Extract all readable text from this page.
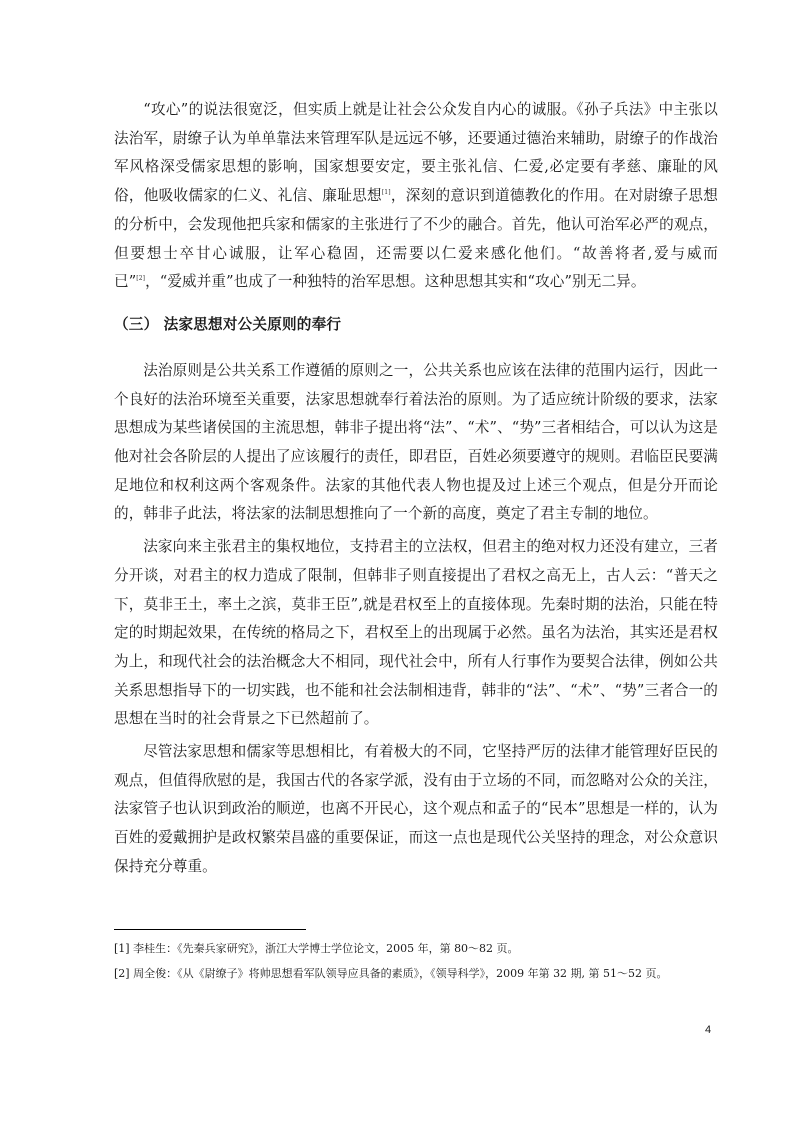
“攻心”的说法很宽泛，但实质上就是让社会公众发自内心的诚服。《孙子兵法》中主张以法治军，尉缭子认为单单靠法来管理军队是远远不够，还要通过德治来辅助，尉缭子的作战治军风格深受儒家思想的影响，国家想要安定，要主张礼信、仁爱,必定要有孝慈、廉耻的风俗，他吸收儒家的仁义、礼信、廉耻思想[1]，深刻的意识到道德教化的作用。在对尉缭子思想的分析中，会发现他把兵家和儒家的主张进行了不少的融合。首先，他认可治军必严的观点，但要想士卒甘心诚服，让军心稳固，还需要以仁爱来感化他们。“故善将者,爱与威而已”[2]，“爱威并重”也成了一种独特的治军思想。这种思想其实和“攻心”别无二异。

（三） 法家思想对公关原则的奉行

法治原则是公共关系工作遵循的原则之一，公共关系也应该在法律的范围内运行，因此一个良好的法治环境至关重要，法家思想就奉行着法治的原则。为了适应统计阶级的要求，法家思想成为某些诸侯国的主流思想，韩非子提出将“法”、“术”、“势”三者相结合，可以认为这是他对社会各阶层的人提出了应该履行的责任，即君臣，百姓必须要遵守的规则。君临臣民要满足地位和权利这两个客观条件。法家的其他代表人物也提及过上述三个观点，但是分开而论的，韩非子此法，将法家的法制思想推向了一个新的高度，奠定了君主专制的地位。

法家向来主张君主的集权地位，支持君主的立法权，但君主的绝对权力还没有建立，三者分开谈，对君主的权力造成了限制，但韩非子则直接提出了君权之高无上，古人云：“普天之下，莫非王土，率土之滨，莫非王臣”,就是君权至上的直接体现。先秦时期的法治，只能在特定的时期起效果，在传统的格局之下，君权至上的出现属于必然。虽名为法治，其实还是君权为上，和现代社会的法治概念大不相同，现代社会中，所有人行事作为要契合法律，例如公共关系思想指导下的一切实践，也不能和社会法制相违背，韩非的“法”、“术”、“势”三者合一的思想在当时的社会背景之下已然超前了。

尽管法家思想和儒家等思想相比，有着极大的不同，它坚持严厉的法律才能管理好臣民的观点，但值得欣慰的是，我国古代的各家学派，没有由于立场的不同，而忽略对公众的关注，法家管子也认识到政治的顺逆，也离不开民心，这个观点和孟子的“民本”思想是一样的，认为百姓的爱戴拥护是政权繁荣昌盛的重要保证，而这一点也是现代公关坚持的理念，对公众意识保持充分尊重。

[1] 李桂生：《先秦兵家研究》，浙江大学博士学位论文，2005 年，第 80～82 页。

[2] 周全俊：《从《尉缭子》将帅思想看军队领导应具备的素质》，《领导科学》，2009 年第 32 期, 第 51～52 页。

4
